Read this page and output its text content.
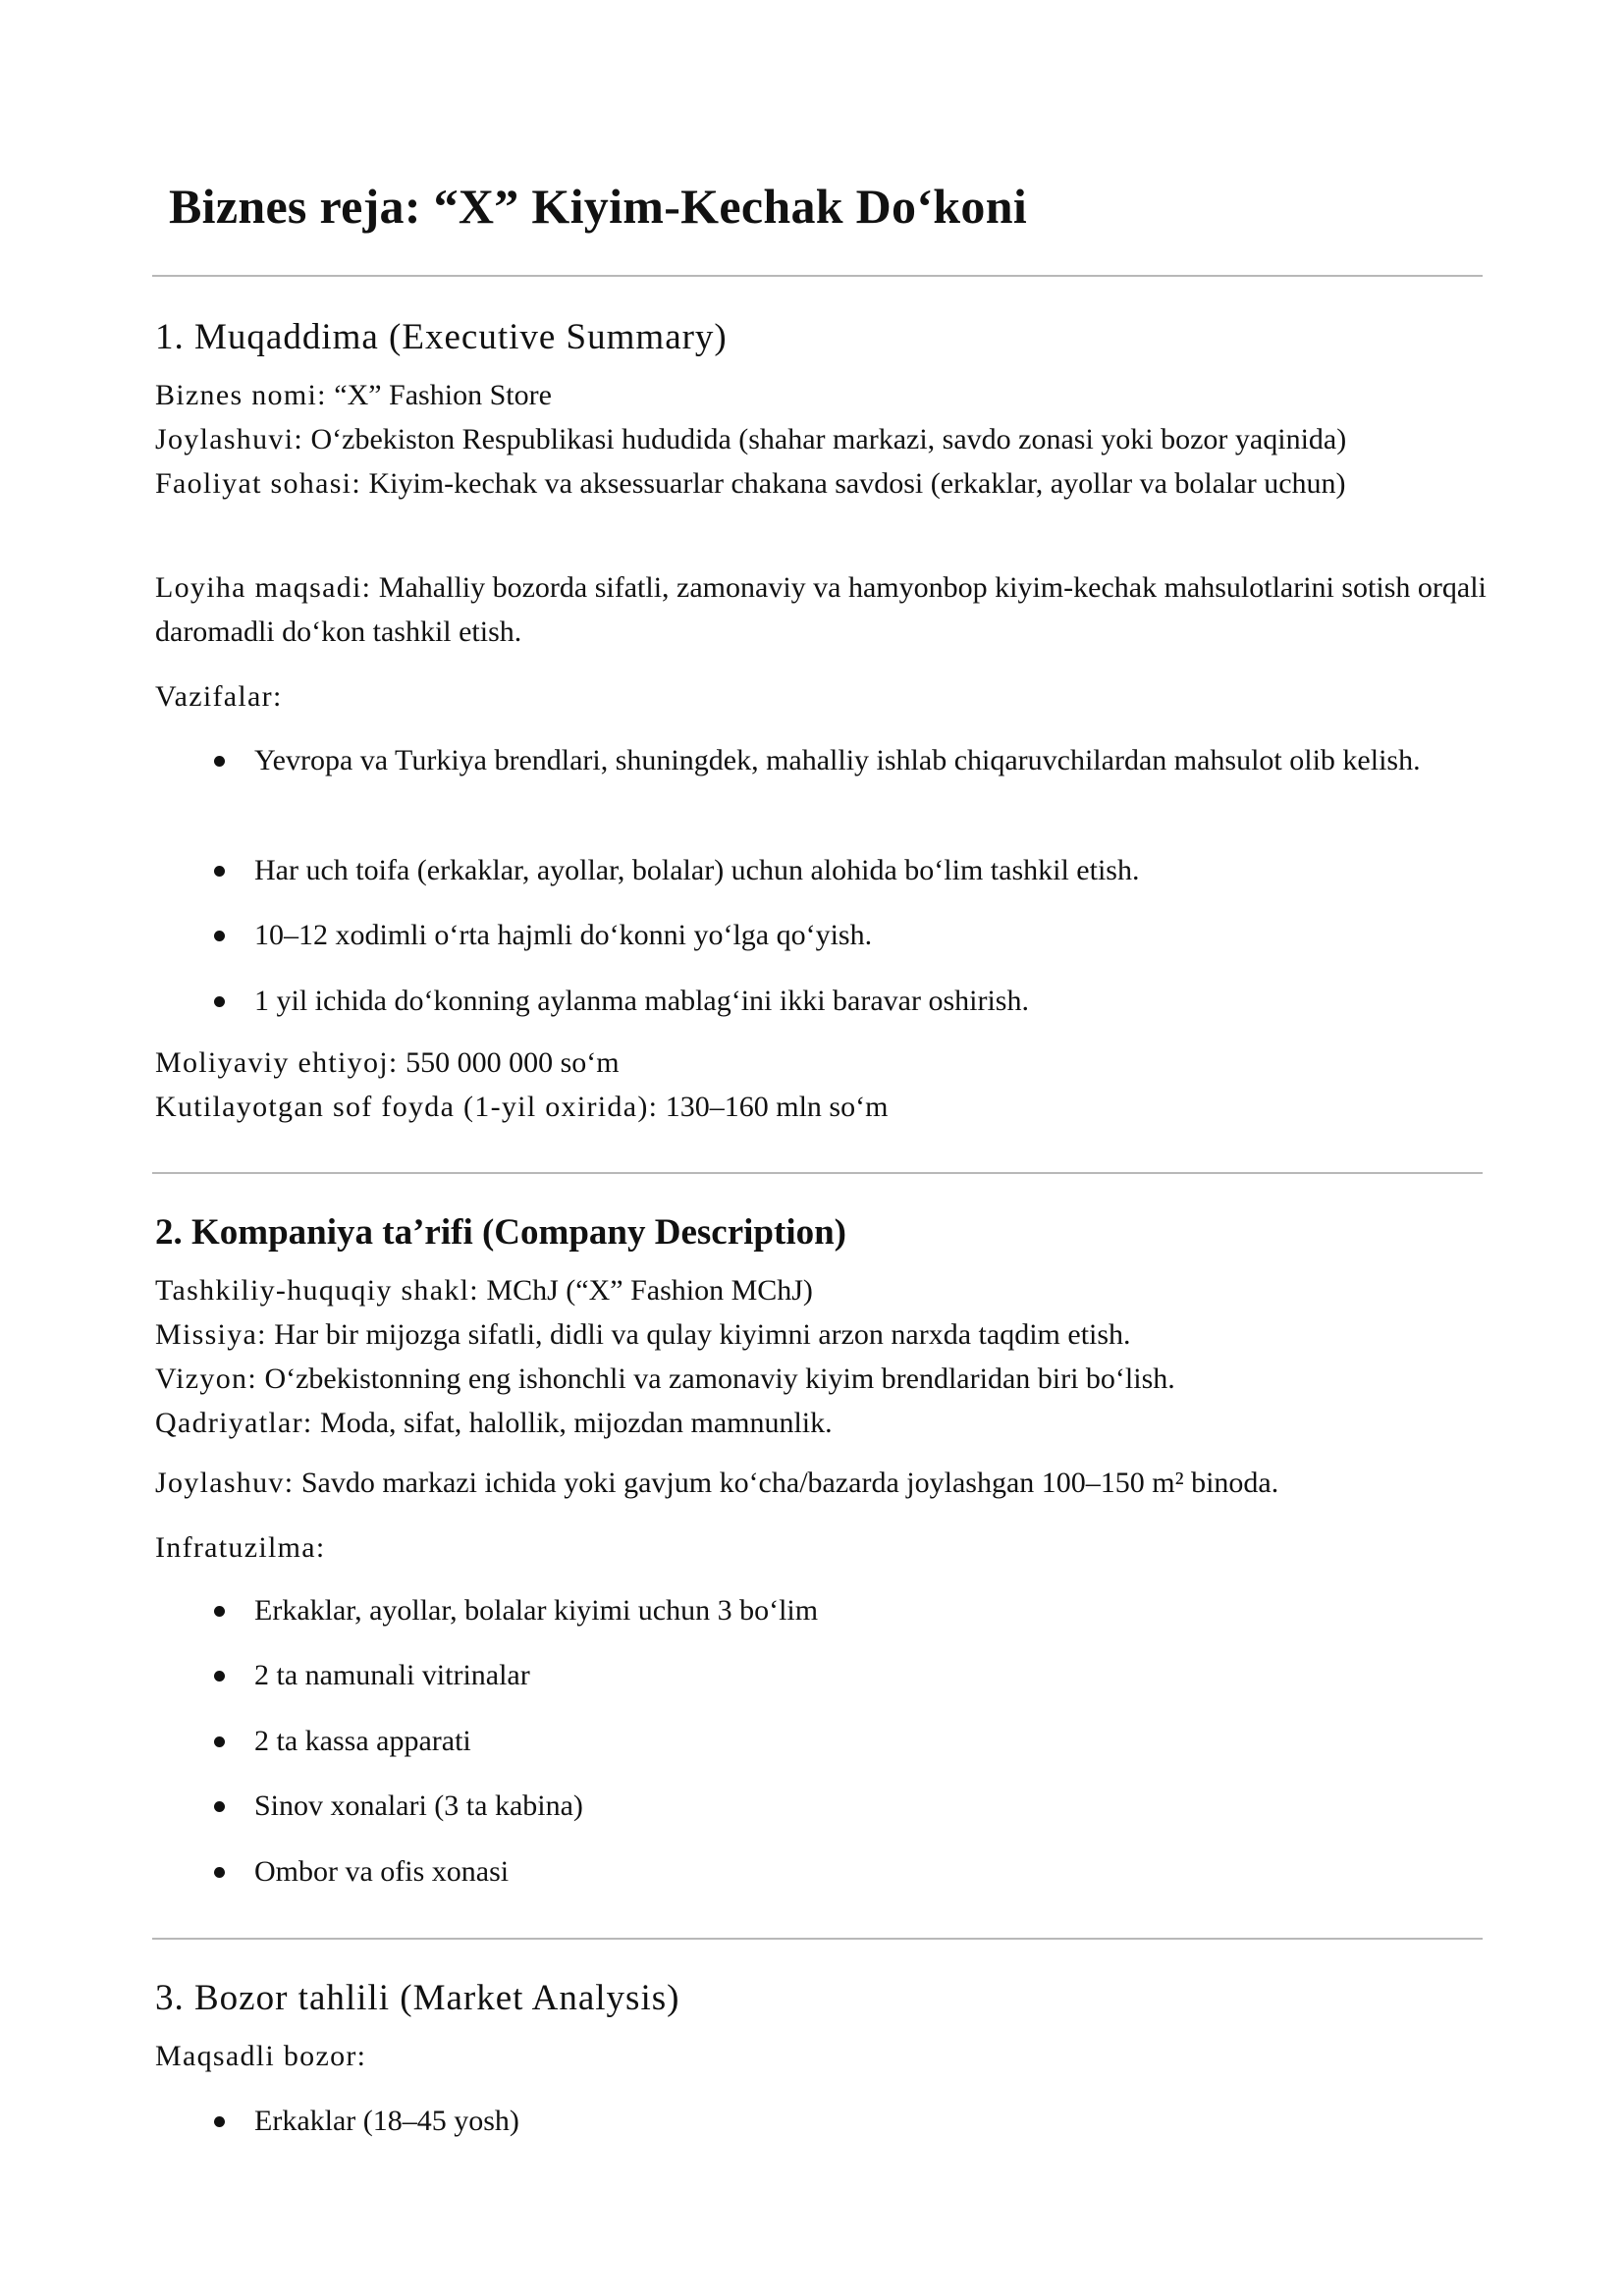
Biznes reja: “X” Kiyim-Kechak Do‘koni
1. Muqaddima (Executive Summary)
Biznes nomi: “X” Fashion Store
Joylashuvi: O‘zbekiston Respublikasi hududida (shahar markazi, savdo zonasi yoki bozor yaqinida)
Faoliyat sohasi: Kiyim-kechak va aksessuarlar chakana savdosi (erkaklar, ayollar va bolalar uchun)
Loyiha maqsadi: Mahalliy bozorda sifatli, zamonaviy va hamyonbop kiyim-kechak mahsulotlarini sotish orqali daromadli do‘kon tashkil etish.
Vazifalar:
Yevropa va Turkiya brendlari, shuningdek, mahalliy ishlab chiqaruvchilardan mahsulot olib kelish.
Har uch toifa (erkaklar, ayollar, bolalar) uchun alohida bo‘lim tashkil etish.
10–12 xodimli o‘rta hajmli do‘konni yo‘lga qo‘yish.
1 yil ichida do‘konning aylanma mablag‘ini ikki baravar oshirish.
Moliyaviy ehtiyoj: 550 000 000 so‘m
Kutilayotgan sof foyda (1-yil oxirida): 130–160 mln so‘m
2. Kompaniya ta’rifi (Company Description)
Tashkiliy-huquqiy shakl: MChJ (“X” Fashion MChJ)
Missiya: Har bir mijozga sifatli, didli va qulay kiyimni arzon narxda taqdim etish.
Vizyon: O‘zbekistonning eng ishonchli va zamonaviy kiyim brendlaridan biri bo‘lish.
Qadriyatlar: Moda, sifat, halollik, mijozdan mamnunlik.
Joylashuv: Savdo markazi ichida yoki gavjum ko‘cha/bazarda joylashgan 100–150 m² binoda.
Infratuzilma:
Erkaklar, ayollar, bolalar kiyimi uchun 3 bo‘lim
2 ta namunali vitrinalar
2 ta kassa apparati
Sinov xonalari (3 ta kabina)
Ombor va ofis xonasi
3. Bozor tahlili (Market Analysis)
Maqsadli bozor:
Erkaklar (18–45 yosh)
